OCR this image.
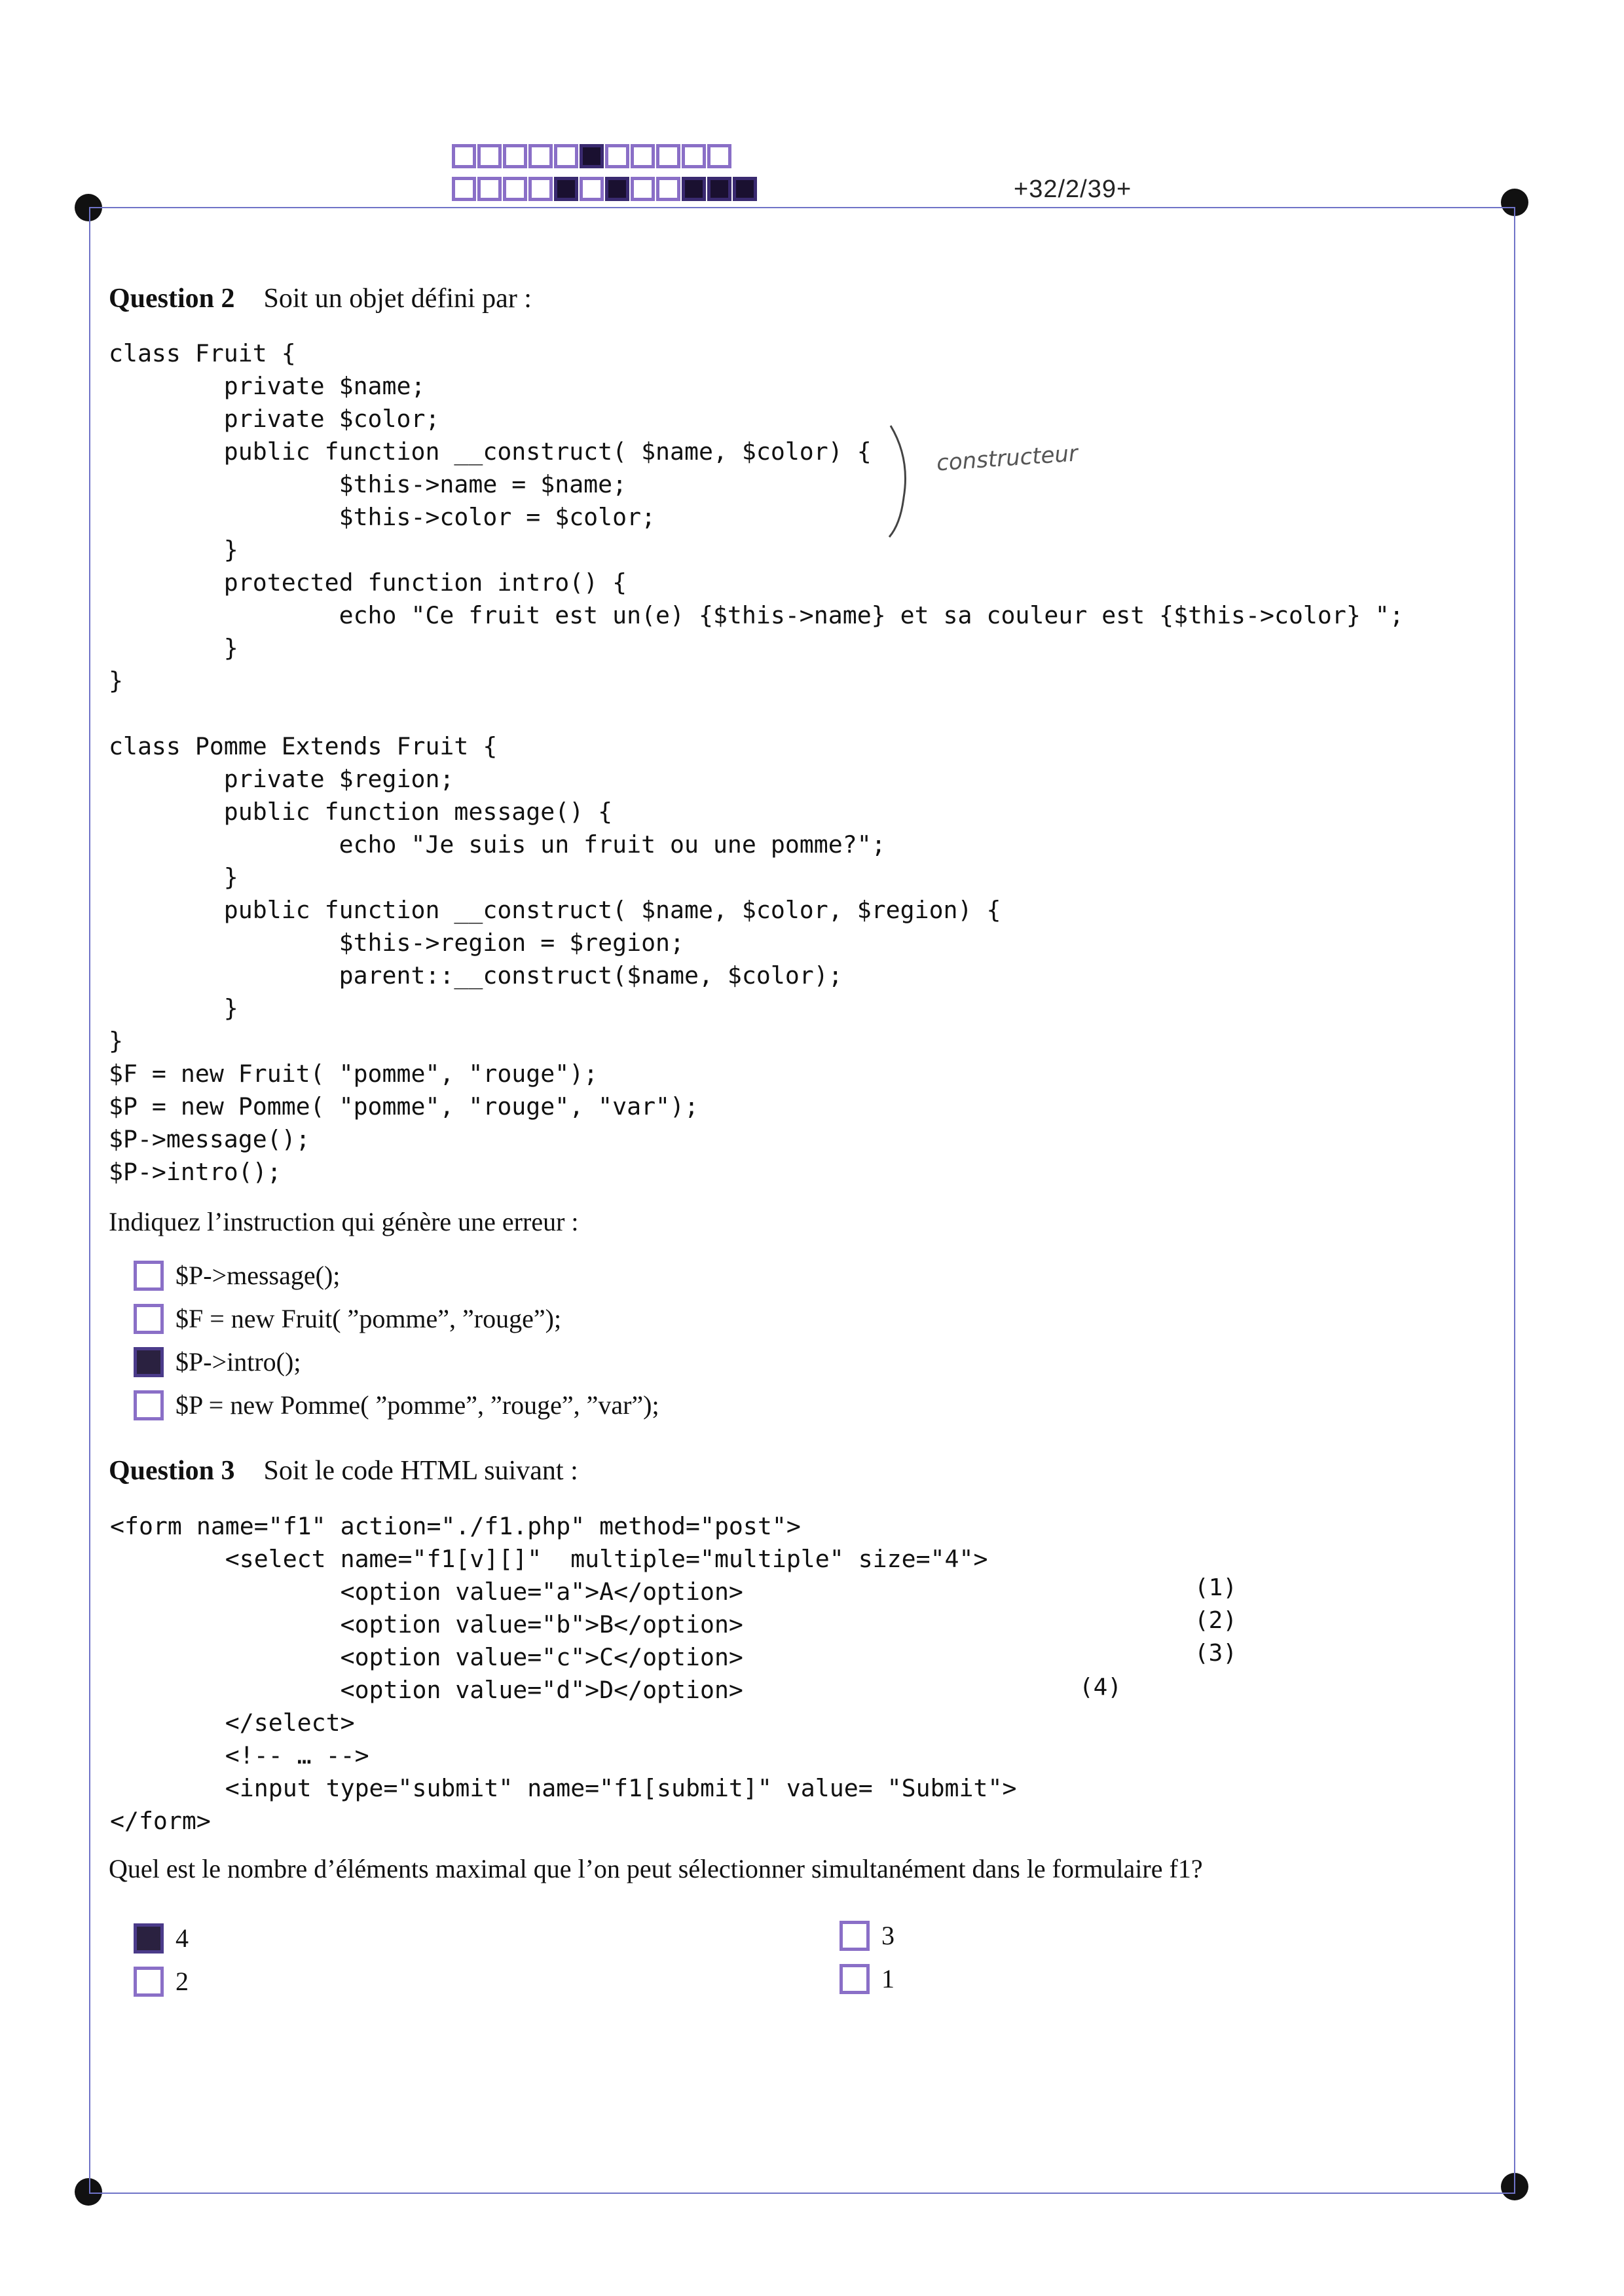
+32/2/39+
Question 2 Soit un objet défini par :
class Fruit {
private $name;
private $color;
public function __construct( $name, $color) {
$this->name = $name;
$this->color = $color;
}
protected function intro() {
echo "Ce fruit est un(e) {$this->name} et sa couleur est {$this->color} ";
}
}

class Pomme Extends Fruit {
private $region;
public function message() {
echo "Je suis un fruit ou une pomme?";
}
public function __construct( $name, $color, $region) {
$this->region = $region;
parent::__construct($name, $color);
}
}
$F = new Fruit( "pomme", "rouge");
$P = new Pomme( "pomme", "rouge", "var");
$P->message();
$P->intro();
constructeur
Indiquez l’instruction qui génère une erreur :
$P->message();
$F = new Fruit( ”pomme”, ”rouge”);
$P->intro();
$P = new Pomme( ”pomme”, ”rouge”, ”var”);
Question 3 Soit le code HTML suivant :
<form name="f1" action="./f1.php" method="post">
<select name="f1[v][]"  multiple="multiple" size="4">
<option value="a">A</option>
<option value="b">B</option>
<option value="c">C</option>
<option value="d">D</option>
</select>
<!-- … -->
<input type="submit" name="f1[submit]" value= "Submit">
</form>
(1)
(2)
(3)
(4)
Quel est le nombre d’éléments maximal que l’on peut sélectionner simultanément dans le formulaire f1?
4	3
2	1
